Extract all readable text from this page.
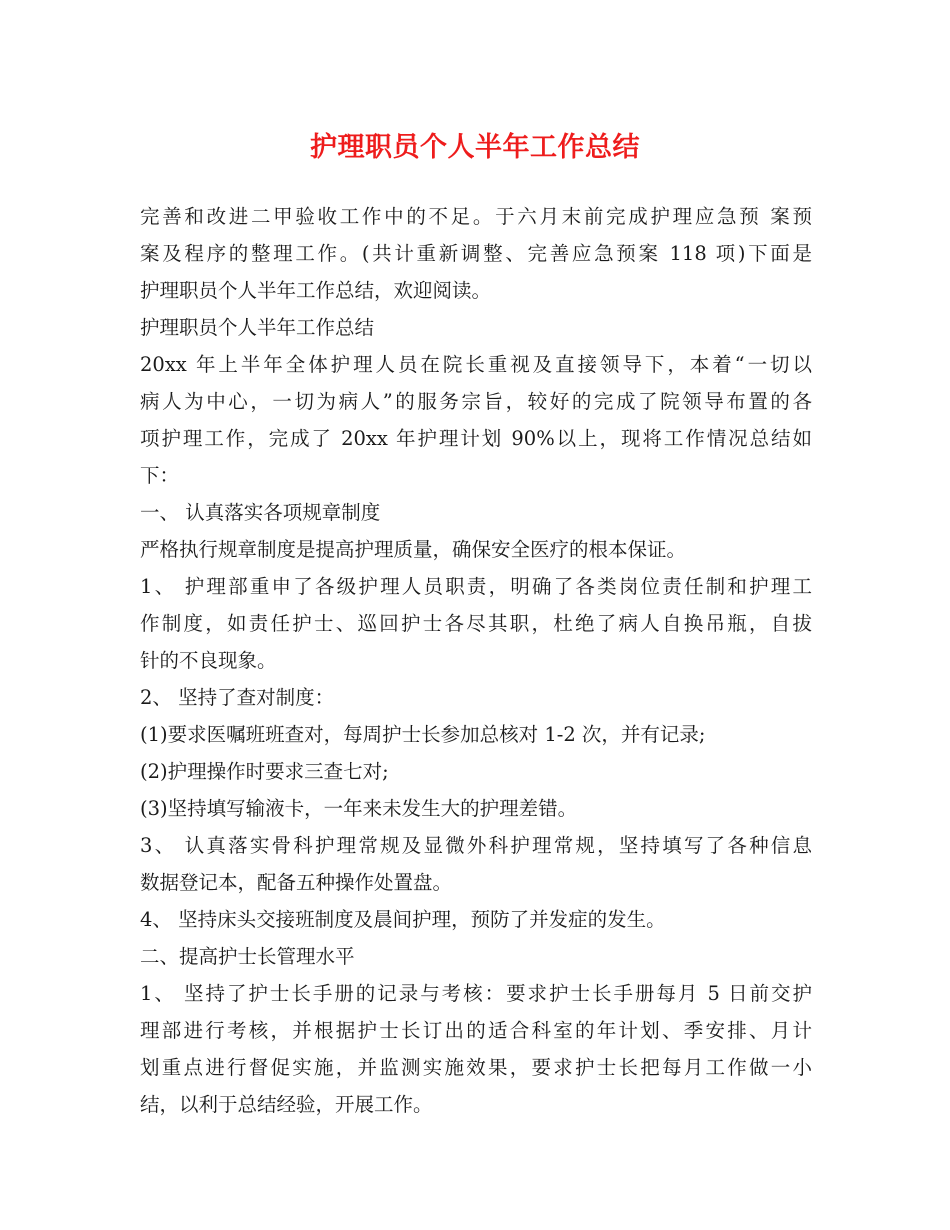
护理职员个人半年工作总结
完善和改进二甲验收工作中的不足。于六月末前完成护理应急预 案预
案及程序的整理工作。(共计重新调整、完善应急预案 118 项)下面是
护理职员个人半年工作总结，欢迎阅读。
护理职员个人半年工作总结
20xx 年上半年全体护理人员在院长重视及直接领导下，本着“一切以
病人为中心，一切为病人”的服务宗旨，较好的完成了院领导布置的各
项护理工作，完成了 20xx 年护理计划 90%以上，现将工作情况总结如
下：
一、 认真落实各项规章制度
严格执行规章制度是提高护理质量，确保安全医疗的根本保证。
1、 护理部重申了各级护理人员职责，明确了各类岗位责任制和护理工
作制度，如责任护士、巡回护士各尽其职，杜绝了病人自换吊瓶，自拔
针的不良现象。
2、 坚持了查对制度：
(1)要求医嘱班班查对，每周护士长参加总核对 1-2 次，并有记录;
(2)护理操作时要求三查七对;
(3)坚持填写输液卡，一年来未发生大的护理差错。
3、 认真落实骨科护理常规及显微外科护理常规，坚持填写了各种信息
数据登记本，配备五种操作处置盘。
4、 坚持床头交接班制度及晨间护理，预防了并发症的发生。
二、提高护士长管理水平
1、 坚持了护士长手册的记录与考核：要求护士长手册每月 5 日前交护
理部进行考核，并根据护士长订出的适合科室的年计划、季安排、月计
划重点进行督促实施，并监测实施效果，要求护士长把每月工作做一小
结，以利于总结经验，开展工作。
